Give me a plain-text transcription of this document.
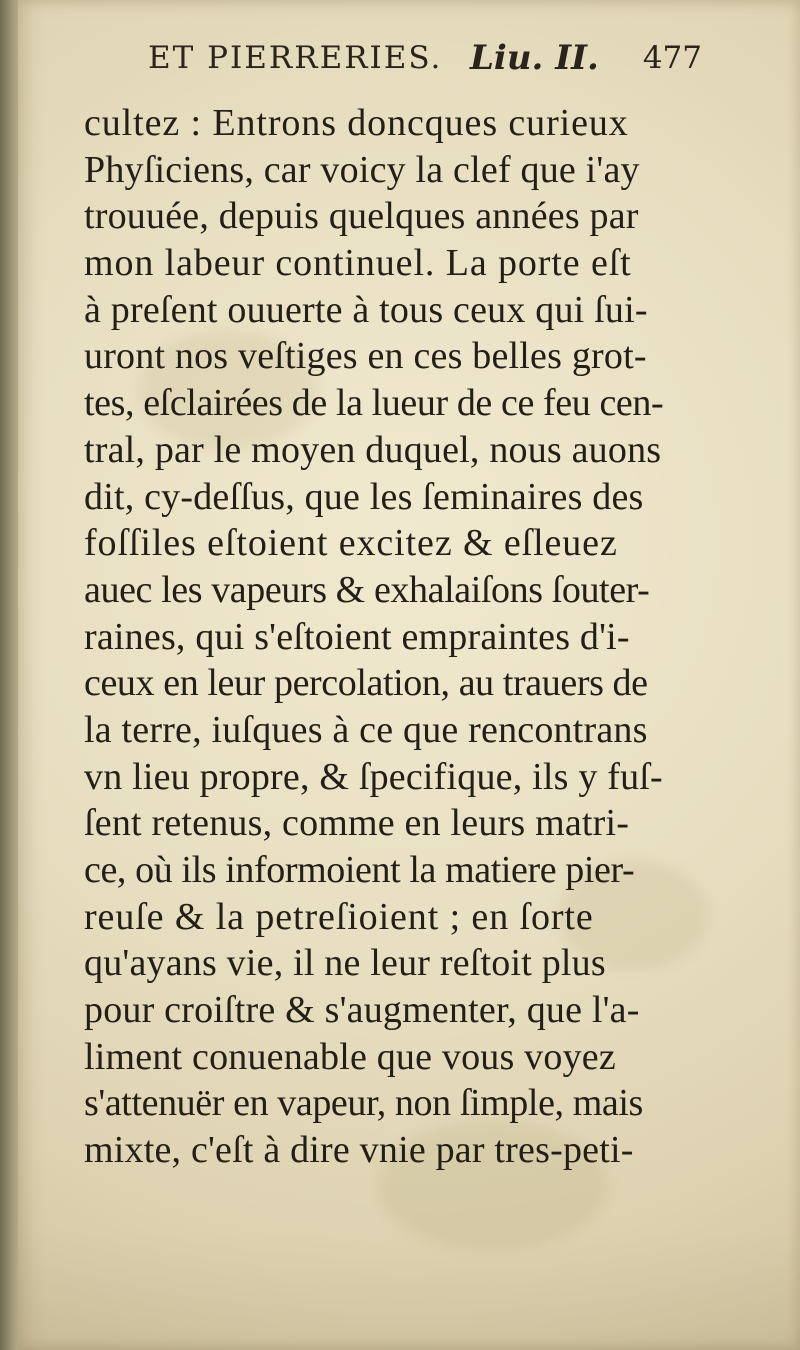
ET PIERRERIES. Liu. II. 477
cultez : Entrons doncques curieux
Phyſiciens, car voicy la clef que i'ay
trouuée, depuis quelques années par
mon labeur continuel. La porte eſt
à preſent ouuerte à tous ceux qui ſui-
uront nos veſtiges en ces belles grot-
tes, eſclairées de la lueur de ce feu cen-
tral, par le moyen duquel, nous auons
dit, cy-deſſus, que les ſeminaires des
foſſiles eſtoient excitez & eſleuez
auec les vapeurs & exhalaiſons ſouter-
raines, qui s'eſtoient empraintes d'i-
ceux en leur percolation, au trauers de
la terre, iuſques à ce que rencontrans
vn lieu propre, & ſpecifique, ils y fuſ-
ſent retenus, comme en leurs matri-
ce, où ils informoient la matiere pier-
reuſe & la petreſioient ; en ſorte
qu'ayans vie, il ne leur reſtoit plus
pour croiſtre & s'augmenter, que l'a-
liment conuenable que vous voyez
s'attenuër en vapeur, non ſimple, mais
mixte, c'eſt à dire vnie par tres-peti-
